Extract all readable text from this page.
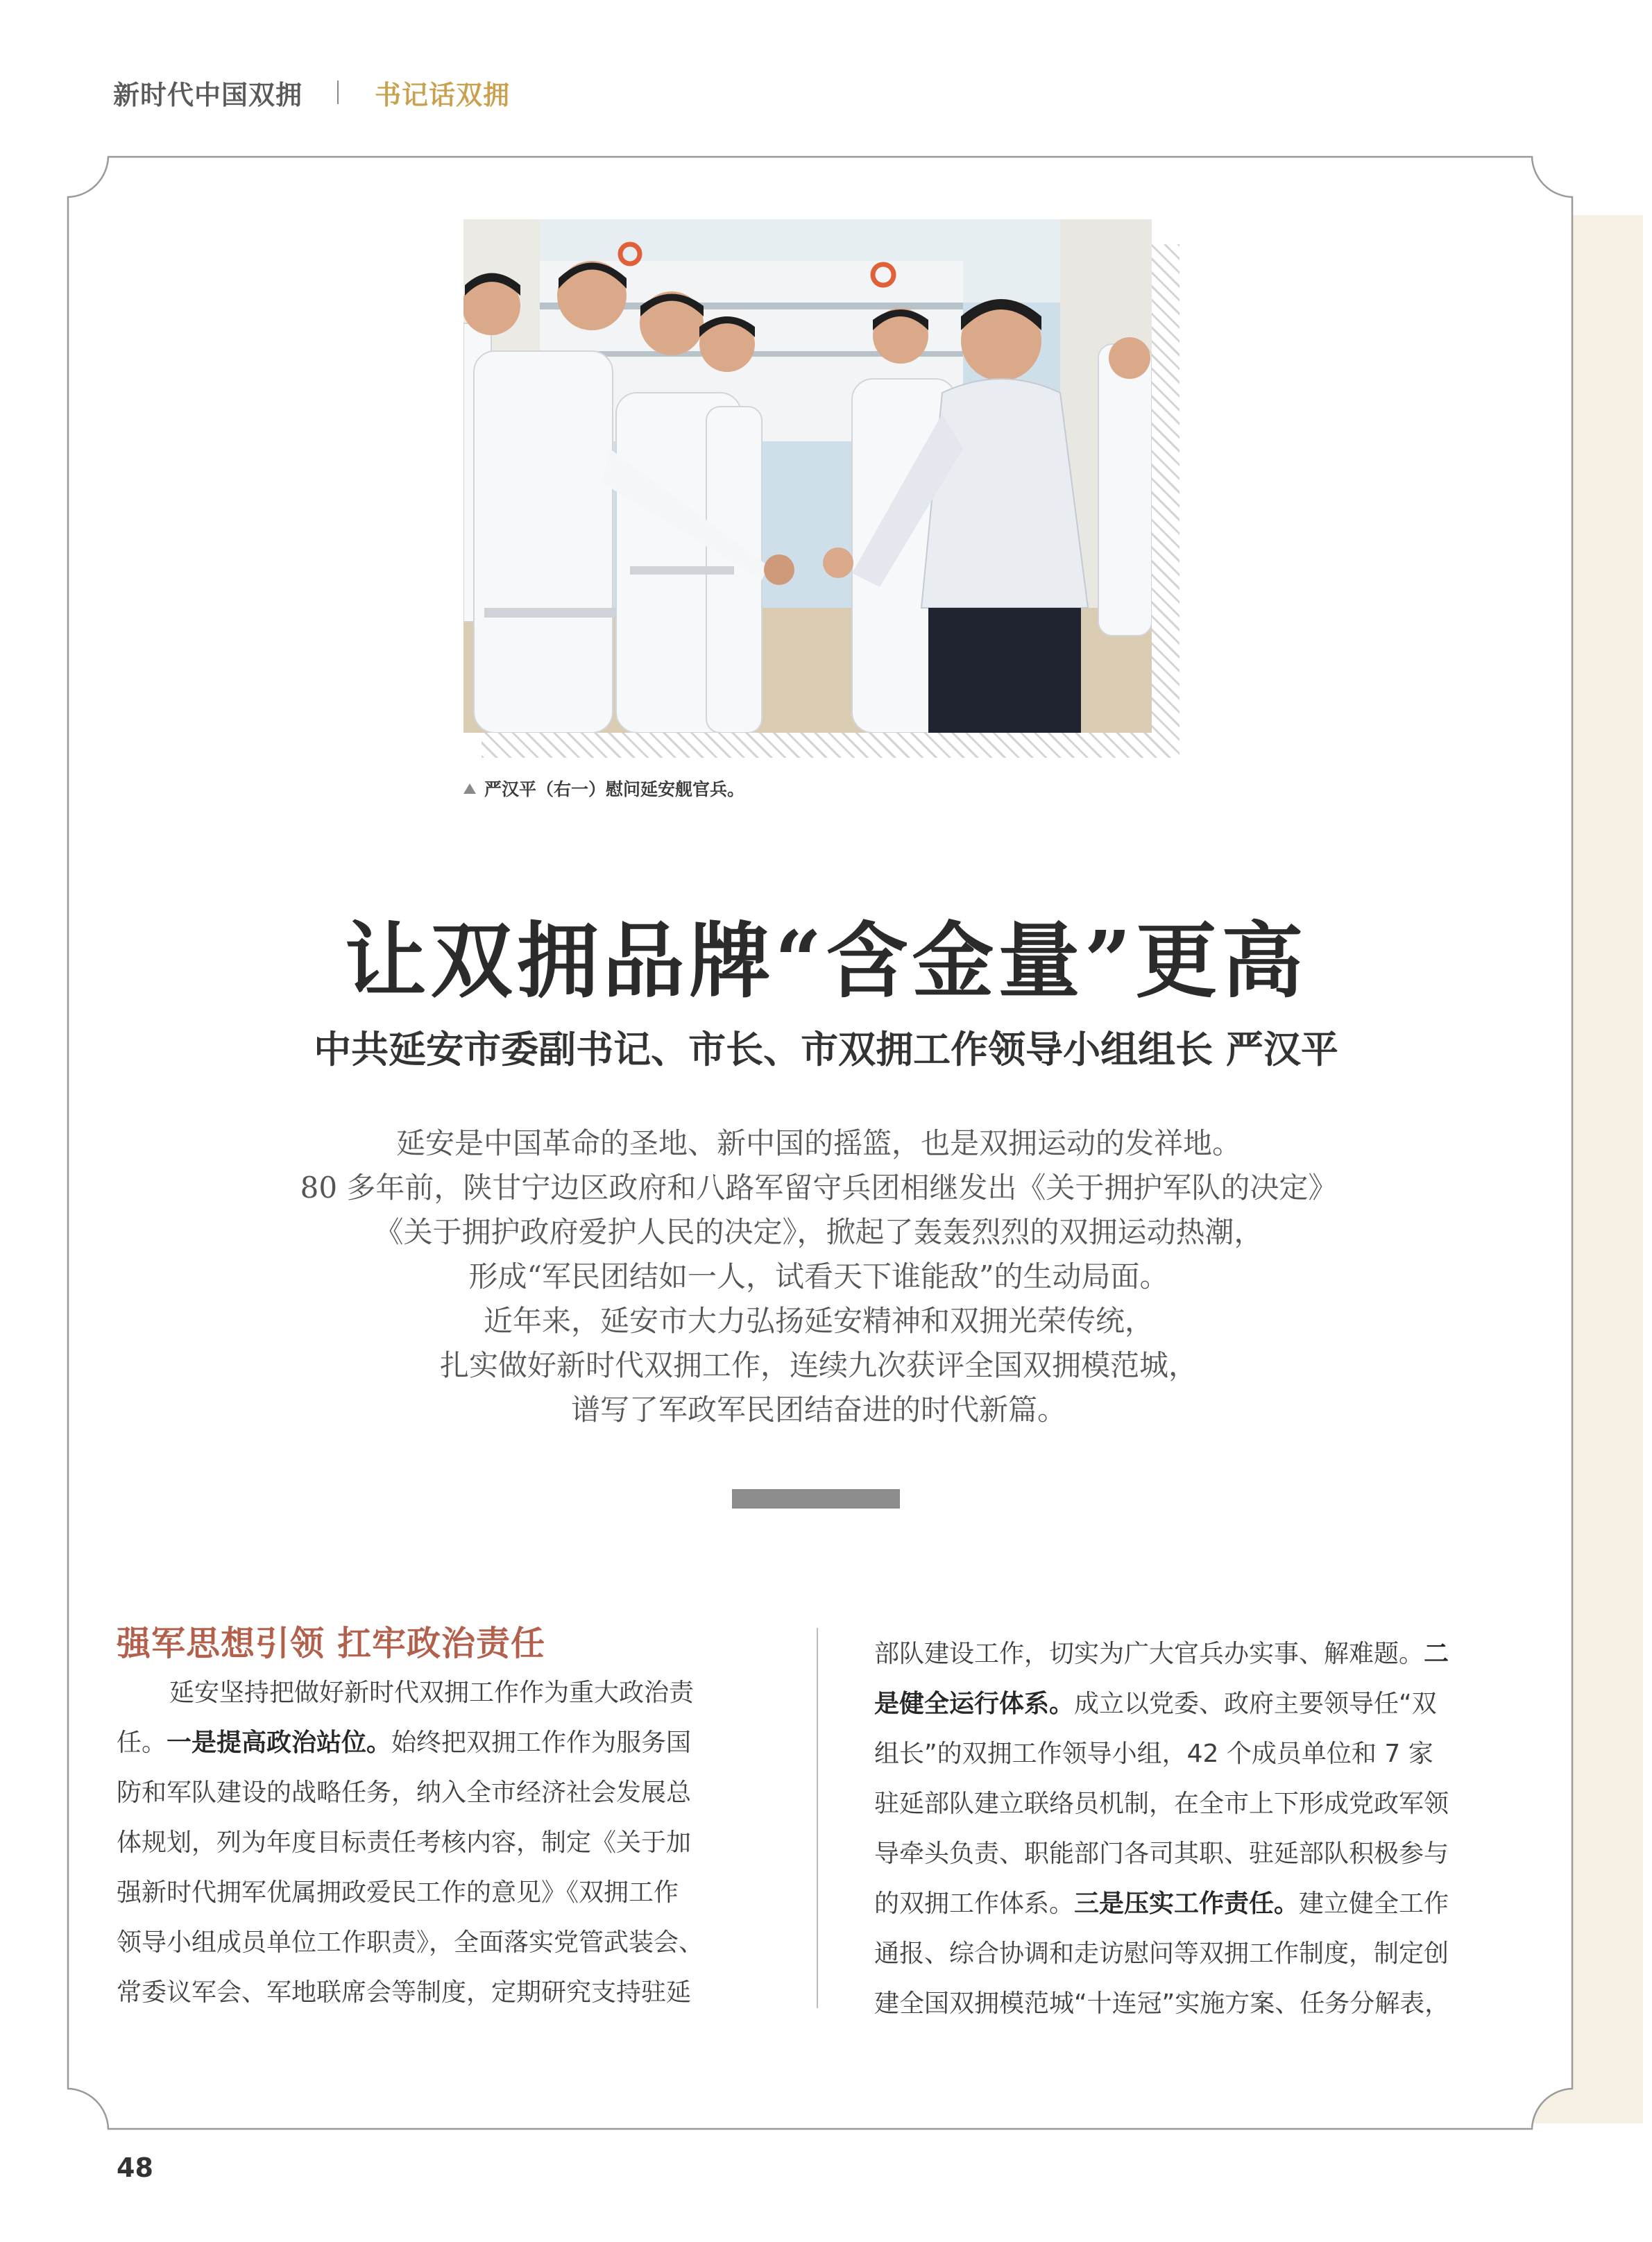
新时代中国双拥	书记话双拥
严汉平（右一）慰问延安舰官兵。
让双拥品牌“含金量”更高
中共延安市委副书记、市长、市双拥工作领导小组组长 严汉平
延安是中国革命的圣地、新中国的摇篮，也是双拥运动的发祥地。
80 多年前，陕甘宁边区政府和八路军留守兵团相继发出《关于拥护军队的决定》
《关于拥护政府爱护人民的决定》，掀起了轰轰烈烈的双拥运动热潮，
形成“军民团结如一人，试看天下谁能敌”的生动局面。
近年来，延安市大力弘扬延安精神和双拥光荣传统，
扎实做好新时代双拥工作，连续九次获评全国双拥模范城，
谱写了军政军民团结奋进的时代新篇。
强军思想引领 扛牢政治责任
延安坚持把做好新时代双拥工作作为重大政治责
任。一是提高政治站位。始终把双拥工作作为服务国
防和军队建设的战略任务，纳入全市经济社会发展总
体规划，列为年度目标责任考核内容，制定《关于加
强新时代拥军优属拥政爱民工作的意见》《双拥工作
领导小组成员单位工作职责》，全面落实党管武装会、
常委议军会、军地联席会等制度，定期研究支持驻延
部队建设工作，切实为广大官兵办实事、解难题。二
是健全运行体系。成立以党委、政府主要领导任“双
组长”的双拥工作领导小组，42 个成员单位和 7 家
驻延部队建立联络员机制，在全市上下形成党政军领
导牵头负责、职能部门各司其职、驻延部队积极参与
的双拥工作体系。三是压实工作责任。建立健全工作
通报、综合协调和走访慰问等双拥工作制度，制定创
建全国双拥模范城“十连冠”实施方案、任务分解表，
48
